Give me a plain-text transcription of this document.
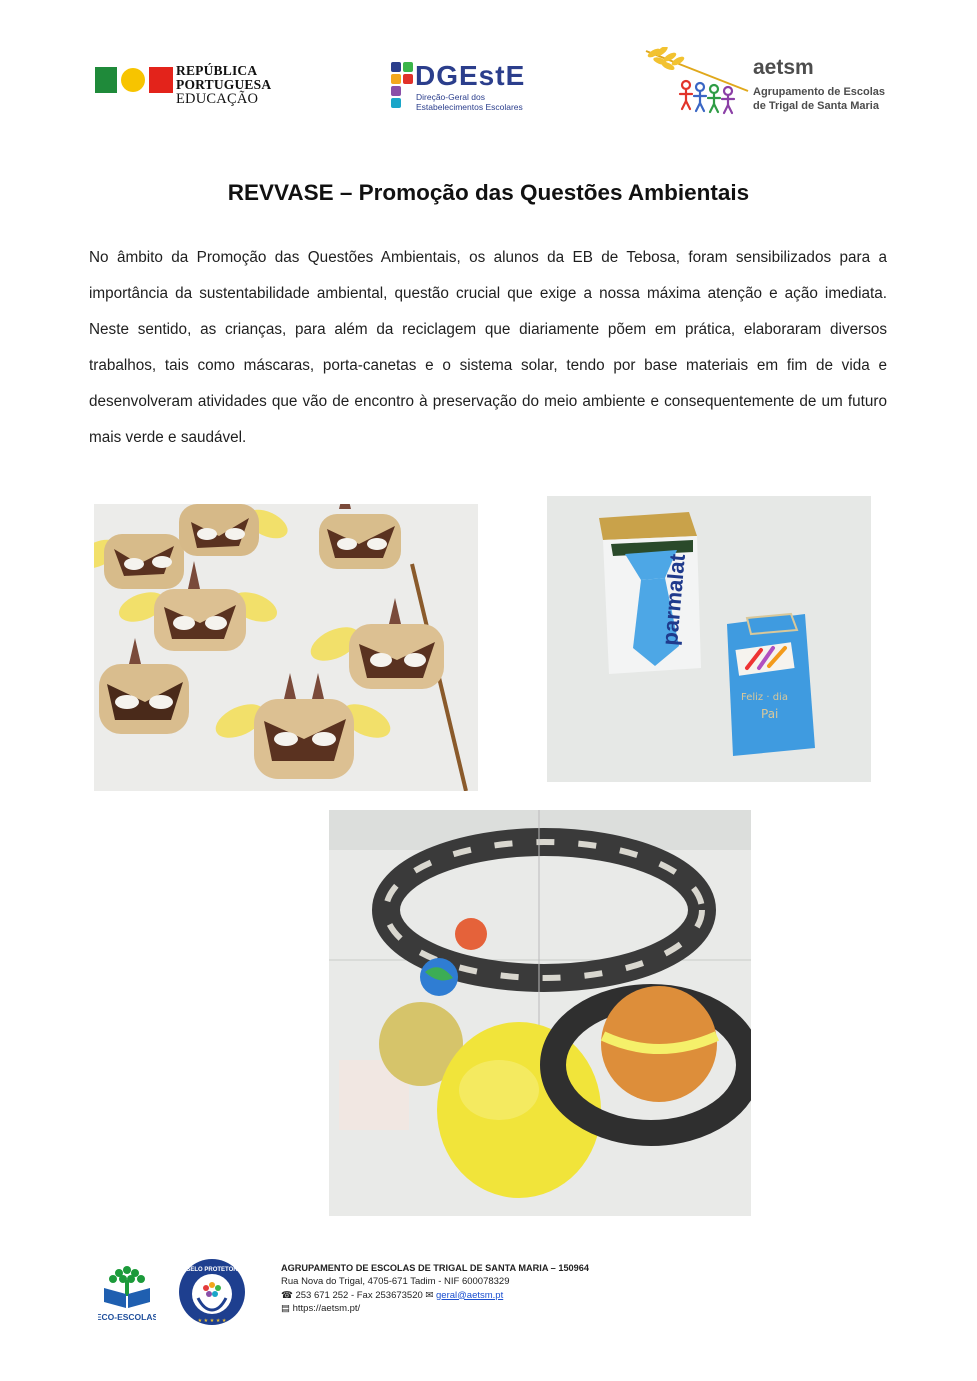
REPÚBLICA
PORTUGUESA
EDUCAÇÃO
DGEstE
Direção-Geral dos
Estabelecimentos Escolares
aetsm
Agrupamento de Escolas
de Trigal de Santa Maria
REVVASE – Promoção das Questões Ambientais
No âmbito da Promoção das Questões Ambientais, os alunos da EB de Tebosa, foram sensibilizados para a importância da sustentabilidade ambiental, questão crucial que exige a nossa máxima atenção e ação imediata. Neste sentido, as crianças, para além da reciclagem que diariamente põem em prática, elaboraram diversos trabalhos, tais como máscaras, porta-canetas e o sistema solar, tendo por base materiais em fim de vida e desenvolveram atividades que vão de encontro à preservação do meio ambiente e consequentemente de um futuro mais verde e saudável.
parmalat
Feliz · dia
Pai
ECO-ESCOLAS
SELO PROTETOR
★ ★ ★ ★ ★
AGRUPAMENTO DE ESCOLAS DE TRIGAL DE SANTA MARIA – 150964
Rua Nova do Trigal, 4705-671 Tadim - NIF 600078329
☎ 253 671 252 - Fax 253673520 ✉ geral@aetsm.pt
▤ https://aetsm.pt/
